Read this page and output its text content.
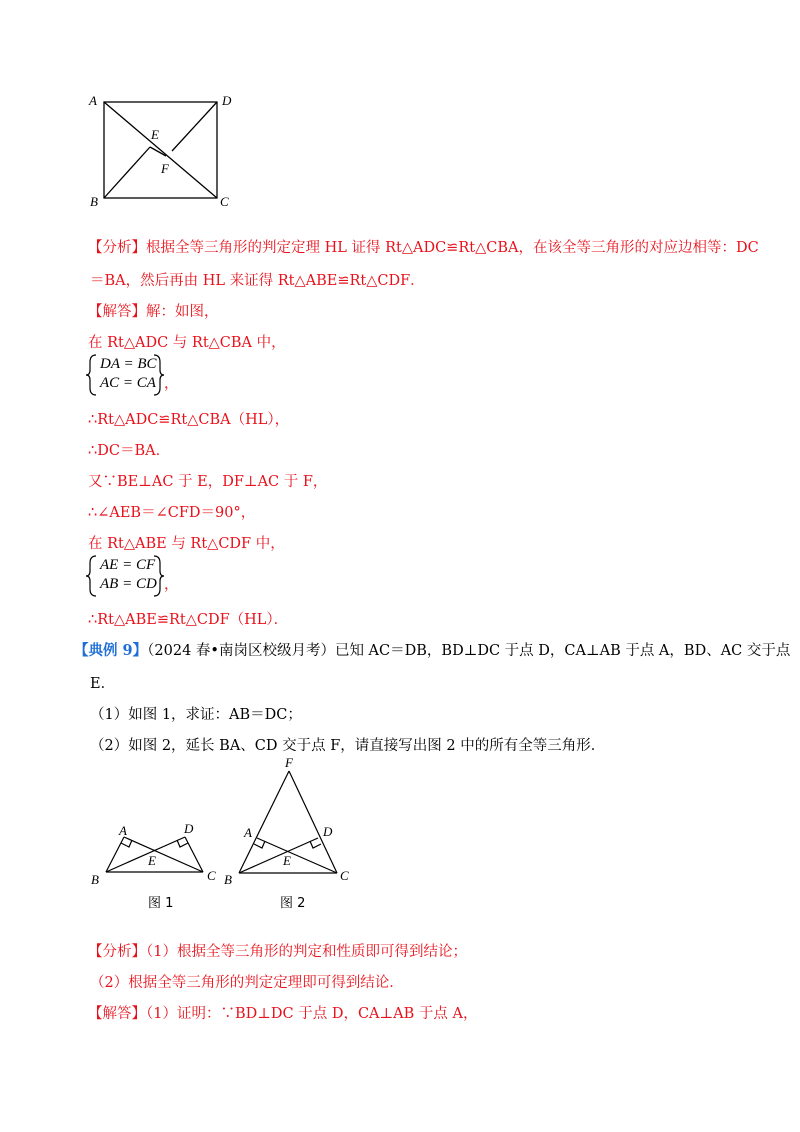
A	D
E
F
B	C
【分析】根据全等三角形的判定定理 HL 证得 Rt△ADC≌Rt△CBA，在该全等三角形的对应边相等：DC
＝BA，然后再由 HL 来证得 Rt△ABE≌Rt△CDF．
【解答】解：如图，
在 Rt△ADC 与 Rt△CBA 中，
DA = BC
AC = CA ，
∴Rt△ADC≌Rt△CBA（HL），
∴DC＝BA．
又∵BE⊥AC 于 E，DF⊥AC 于 F，
∴∠AEB＝∠CFD＝90°，
在 Rt△ABE 与 Rt△CDF 中，
AE = CF
AB = CD ，
∴Rt△ABE≌Rt△CDF（HL）．
【典例 9】（2024 春•南岗区校级月考）已知 AC＝DB，BD⊥DC 于点 D，CA⊥AB 于点 A，BD、AC 交于点
E．
（1）如图 1，求证：AB＝DC；
（2）如图 2，延长 BA、CD 交于点 F，请直接写出图 2 中的所有全等三角形．
A	D
E
B	C
图 1
F
A	D
E
B	C
图 2
【分析】（1）根据全等三角形的判定和性质即可得到结论；
（2）根据全等三角形的判定定理即可得到结论．
【解答】（1）证明：∵BD⊥DC 于点 D，CA⊥AB 于点 A，
